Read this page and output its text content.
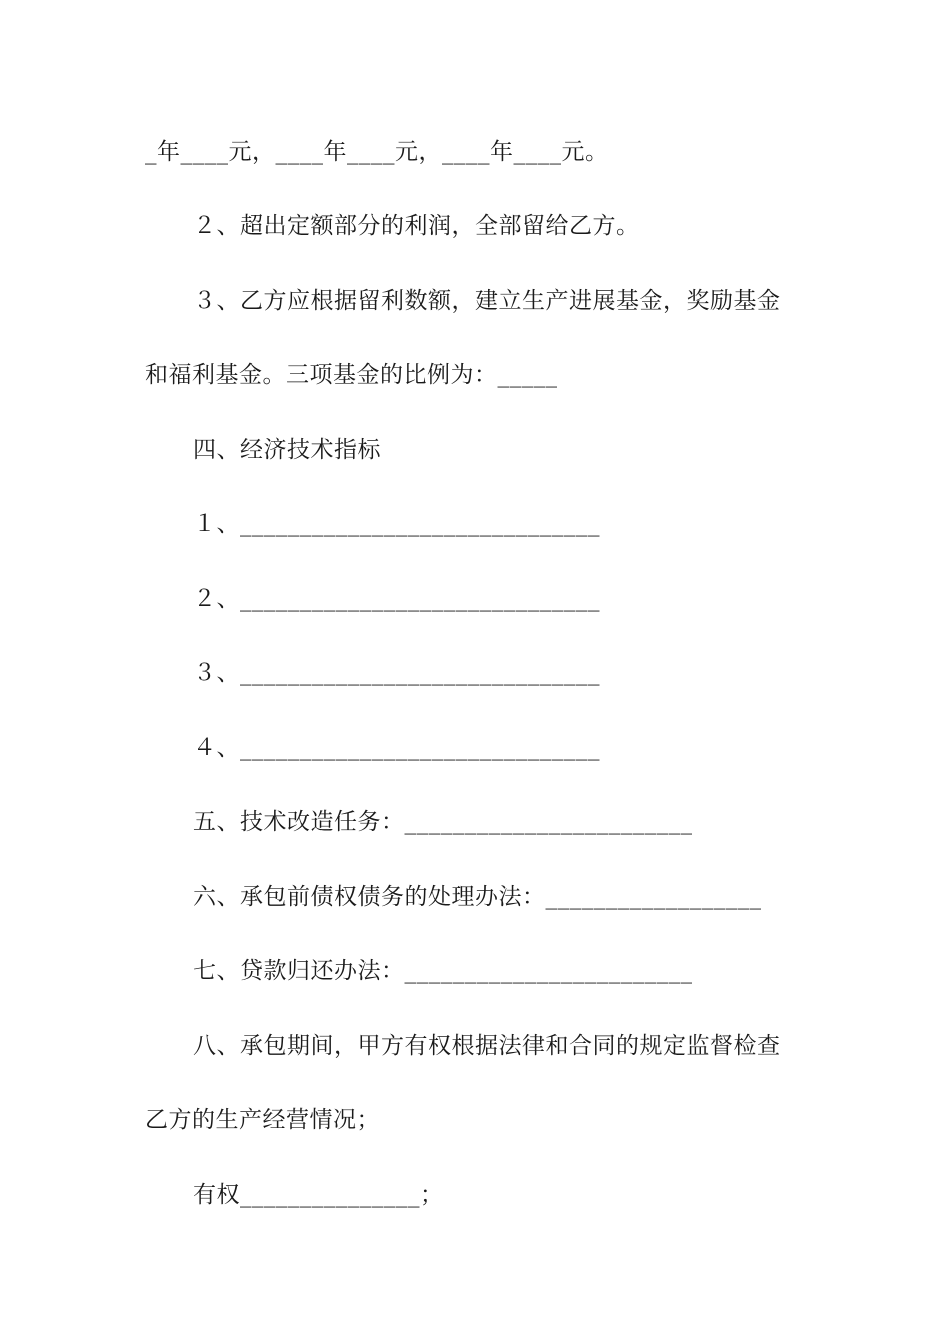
_年____元，____年____元，____年____元。
２、超出定额部分的利润，全部留给乙方。
３、乙方应根据留利数额，建立生产进展基金，奖励基金
和福利基金。三项基金的比例为：_____
四、经济技术指标
１、______________________________
２、______________________________
３、______________________________
４、______________________________
五、技术改造任务：________________________
六、承包前债权债务的处理办法：__________________
七、贷款归还办法：________________________
八、承包期间，甲方有权根据法律和合同的规定监督检查
乙方的生产经营情况；
有权_______________；
